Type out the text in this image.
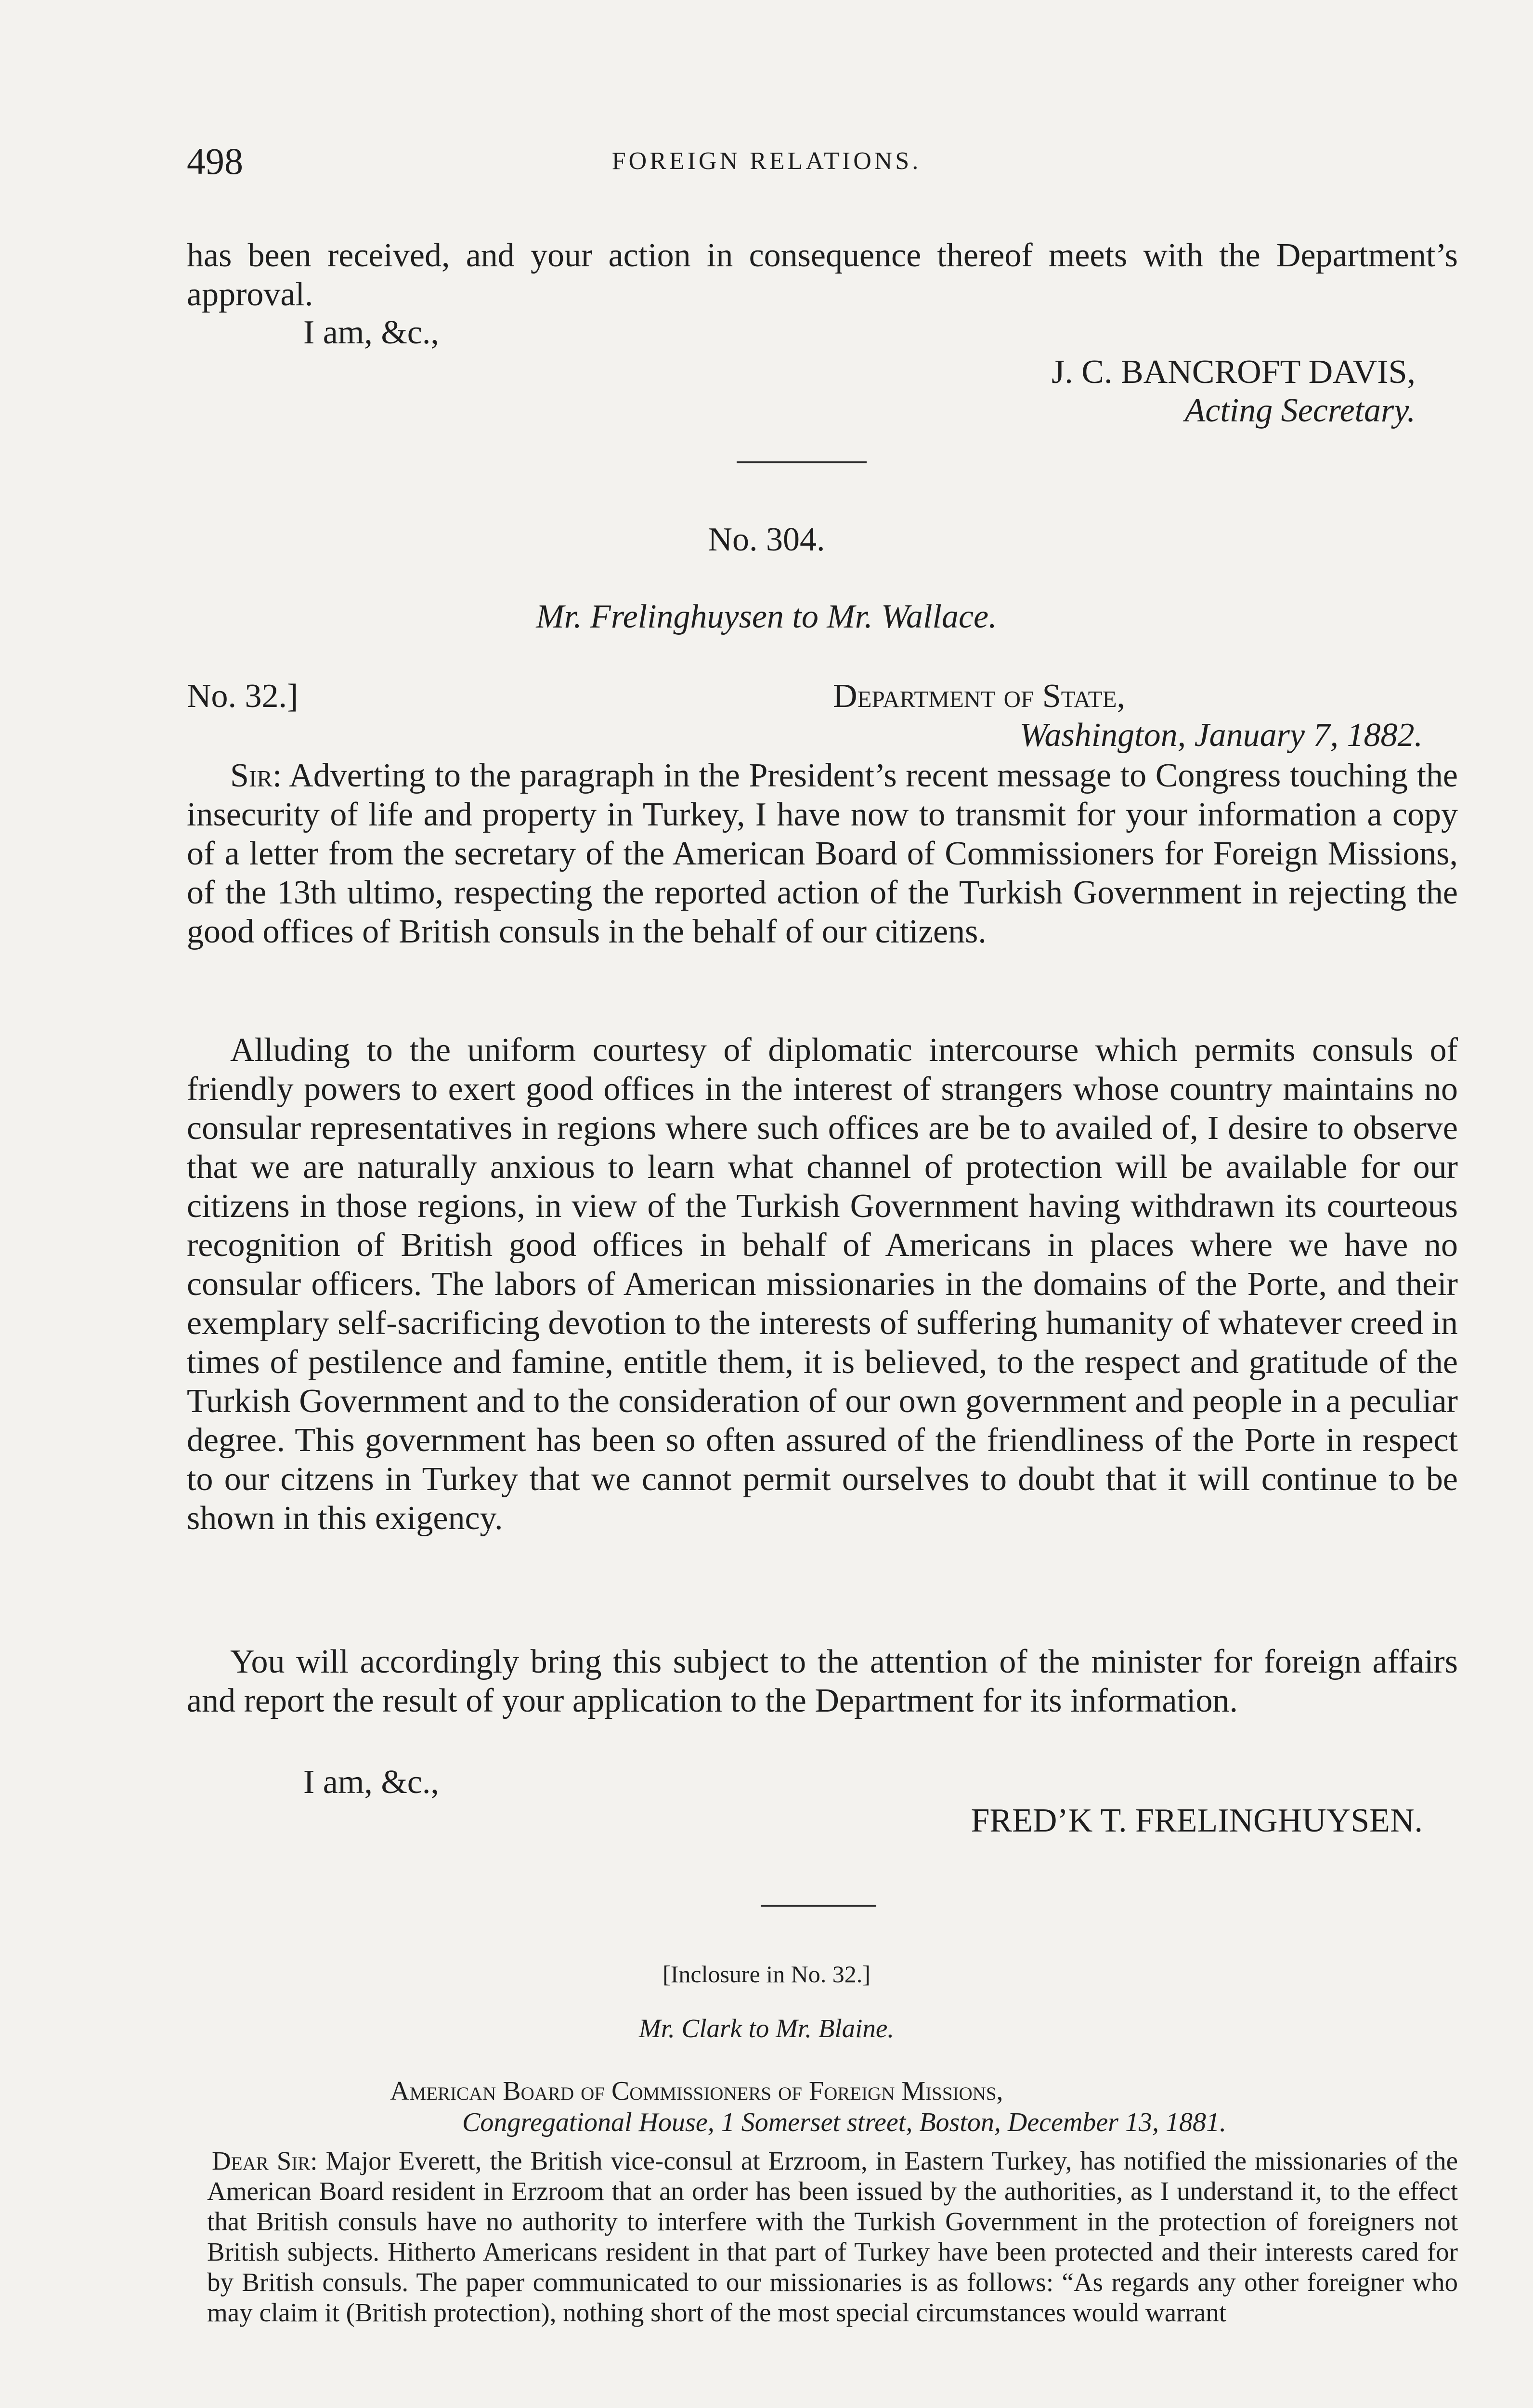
498	FOREIGN RELATIONS.

has been received, and your action in consequence thereof meets with the Department’s approval.

I am, &c.,

J. C. BANCROFT DAVIS,

Acting Secretary.

No. 304.

Mr. Frelinghuysen to Mr. Wallace.

No. 32.]	Department of State,

Washington, January 7, 1882.

Sir: Adverting to the paragraph in the President’s recent message to Congress touching the insecurity of life and property in Turkey, I have now to transmit for your information a copy of a letter from the secretary of the American Board of Commissioners for Foreign Missions, of the 13th ultimo, respecting the reported action of the Turkish Government in rejecting the good offices of British consuls in the behalf of our citizens.

Alluding to the uniform courtesy of diplomatic intercourse which permits consuls of friendly powers to exert good offices in the interest of strangers whose country maintains no consular representatives in regions where such offices are be to availed of, I desire to observe that we are naturally anxious to learn what channel of protection will be available for our citizens in those regions, in view of the Turkish Government having withdrawn its courteous recognition of British good offices in behalf of Americans in places where we have no consular officers. The labors of American missionaries in the domains of the Porte, and their exemplary self-sacrificing devotion to the interests of suffering humanity of whatever creed in times of pestilence and famine, entitle them, it is believed, to the respect and gratitude of the Turkish Government and to the consideration of our own government and people in a peculiar degree. This government has been so often assured of the friendliness of the Porte in respect to our citzens in Turkey that we cannot permit ourselves to doubt that it will continue to be shown in this exigency.

You will accordingly bring this subject to the attention of the minister for foreign affairs and report the result of your application to the Department for its information.

I am, &c.,

FRED’K T. FRELINGHUYSEN.

[Inclosure in No. 32.]

Mr. Clark to Mr. Blaine.

American Board of Commissioners of Foreign Missions,

Congregational House, 1 Somerset street, Boston, December 13, 1881.

Dear Sir: Major Everett, the British vice-consul at Erzroom, in Eastern Turkey, has notified the missionaries of the American Board resident in Erzroom that an order has been issued by the authorities, as I understand it, to the effect that British consuls have no authority to interfere with the Turkish Government in the protection of foreigners not British subjects. Hitherto Americans resident in that part of Turkey have been protected and their interests cared for by British consuls. The paper communicated to our missionaries is as follows: “As regards any other foreigner who may claim it (British protection), nothing short of the most special circumstances would warrant
